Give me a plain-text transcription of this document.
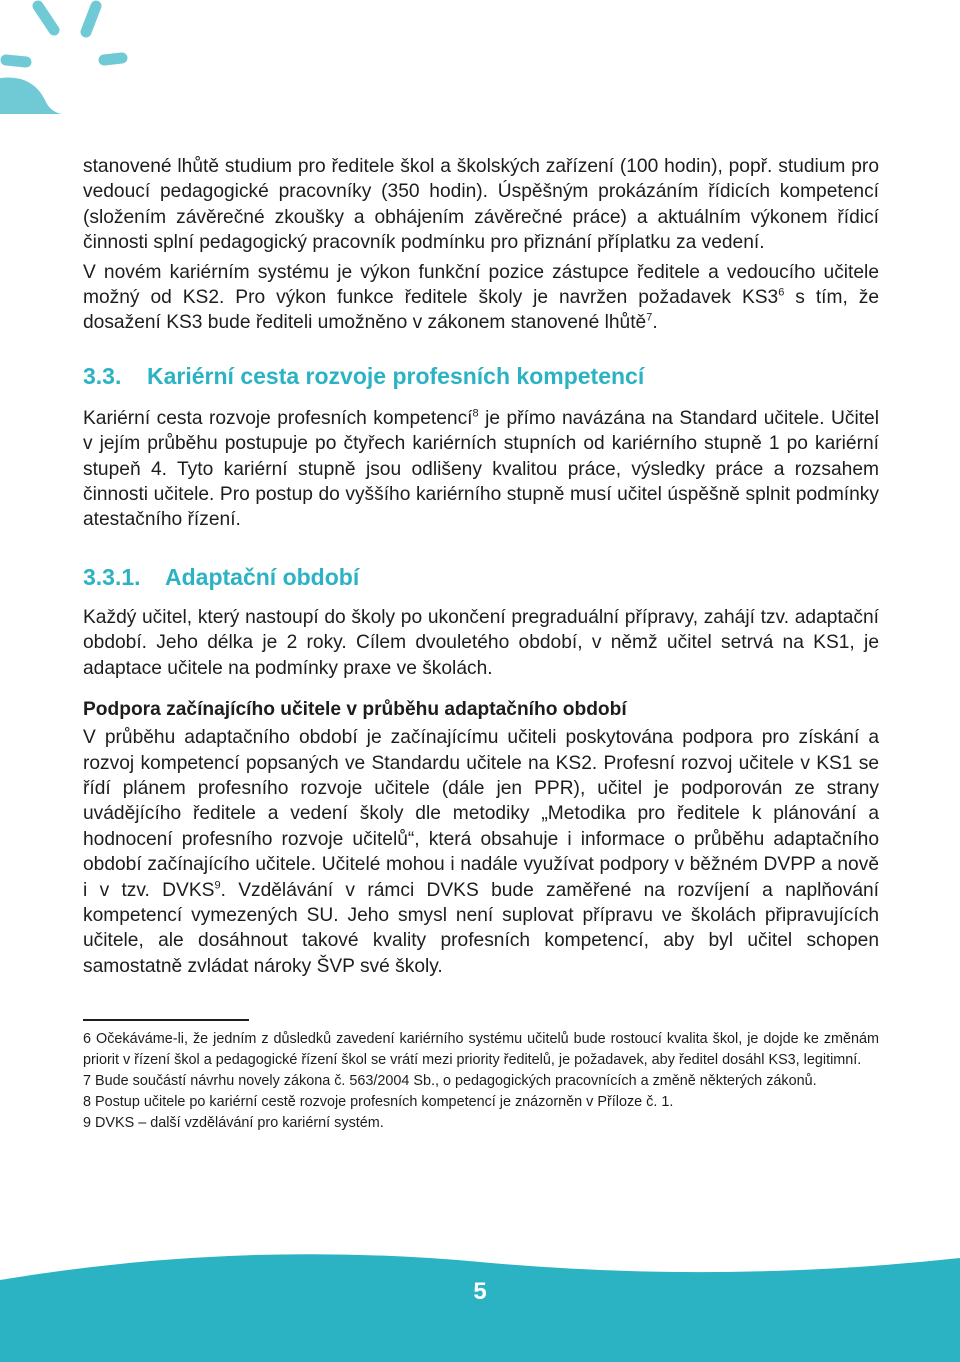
stanovené lhůtě studium pro ředitele škol a školských zařízení (100 hodin), popř. studium pro vedoucí pedagogické pracovníky (350 hodin). Úspěšným prokázáním řídicích kompetencí (složením závěrečné zkoušky a obhájením závěrečné práce) a aktuálním výkonem řídicí činnosti splní pedagogický pracovník podmínku pro přiznání příplatku za vedení.

V novém kariérním systému je výkon funkční pozice zástupce ředitele a vedoucího učitele možný od KS2. Pro výkon funkce ředitele školy je navržen požadavek $KS3^6$ s tím, že dosažení KS3 bude řediteli umožněno v zákonem stanovené lhůtě$^7$.

3.3. Kariérní cesta rozvoje profesních kompetencí

Kariérní cesta rozvoje profesních kompetencí$^8$ je přímo navázána na Standard učitele. Učitel v jejím průběhu postupuje po čtyřech kariérních stupních od kariérního stupně 1 po kariérní stupeň 4. Tyto kariérní stupně jsou odlišeny kvalitou práce, výsledky práce a rozsahem činnosti učitele. Pro postup do vyššího kariérního stupně musí učitel úspěšně splnit podmínky atestačního řízení.

3.3.1. Adaptační období

Každý učitel, který nastoupí do školy po ukončení pregraduální přípravy, zahájí tzv. adaptační období. Jeho délka je 2 roky. Cílem dvouletého období, v němž učitel setrvá na KS1, je adaptace učitele na podmínky praxe ve školách.

Podpora začínajícího učitele v průběhu adaptačního období

V průběhu adaptačního období je začínajícímu učiteli poskytována podpora pro získání a rozvoj kompetencí popsaných ve Standardu učitele na KS2. Profesní rozvoj učitele v KS1 se řídí plánem profesního rozvoje učitele (dále jen PPR), učitel je podporován ze strany uvádějícího ředitele a vedení školy dle metodiky „Metodika pro ředitele k plánování a hodnocení profesního rozvoje učitelů“, která obsahuje i informace o průběhu adaptačního období začínajícího učitele. Učitelé mohou i nadále využívat podpory v běžném DVPP a nově i v tzv. DVKS$^9$. Vzdělávání v rámci DVKS bude zaměřené na rozvíjení a naplňování kompetencí vymezených SU. Jeho smysl není suplovat přípravu ve školách připravujících učitele, ale dosáhnout takové kvality profesních kompetencí, aby byl učitel schopen samostatně zvládat nároky ŠVP své školy.

6 Očekáváme-li, že jedním z důsledků zavedení kariérního systému učitelů bude rostoucí kvalita škol, je dojde ke změnám priorit v řízení škol a pedagogické řízení škol se vrátí mezi priority ředitelů, je požadavek, aby ředitel dosáhl KS3, legitimní.

7 Bude součástí návrhu novely zákona č. 563/2004 Sb., o pedagogických pracovnících a změně některých zákonů.

8 Postup učitele po kariérní cestě rozvoje profesních kompetencí je znázorněn v Příloze č. 1.

9 DVKS – další vzdělávání pro kariérní systém.

5
